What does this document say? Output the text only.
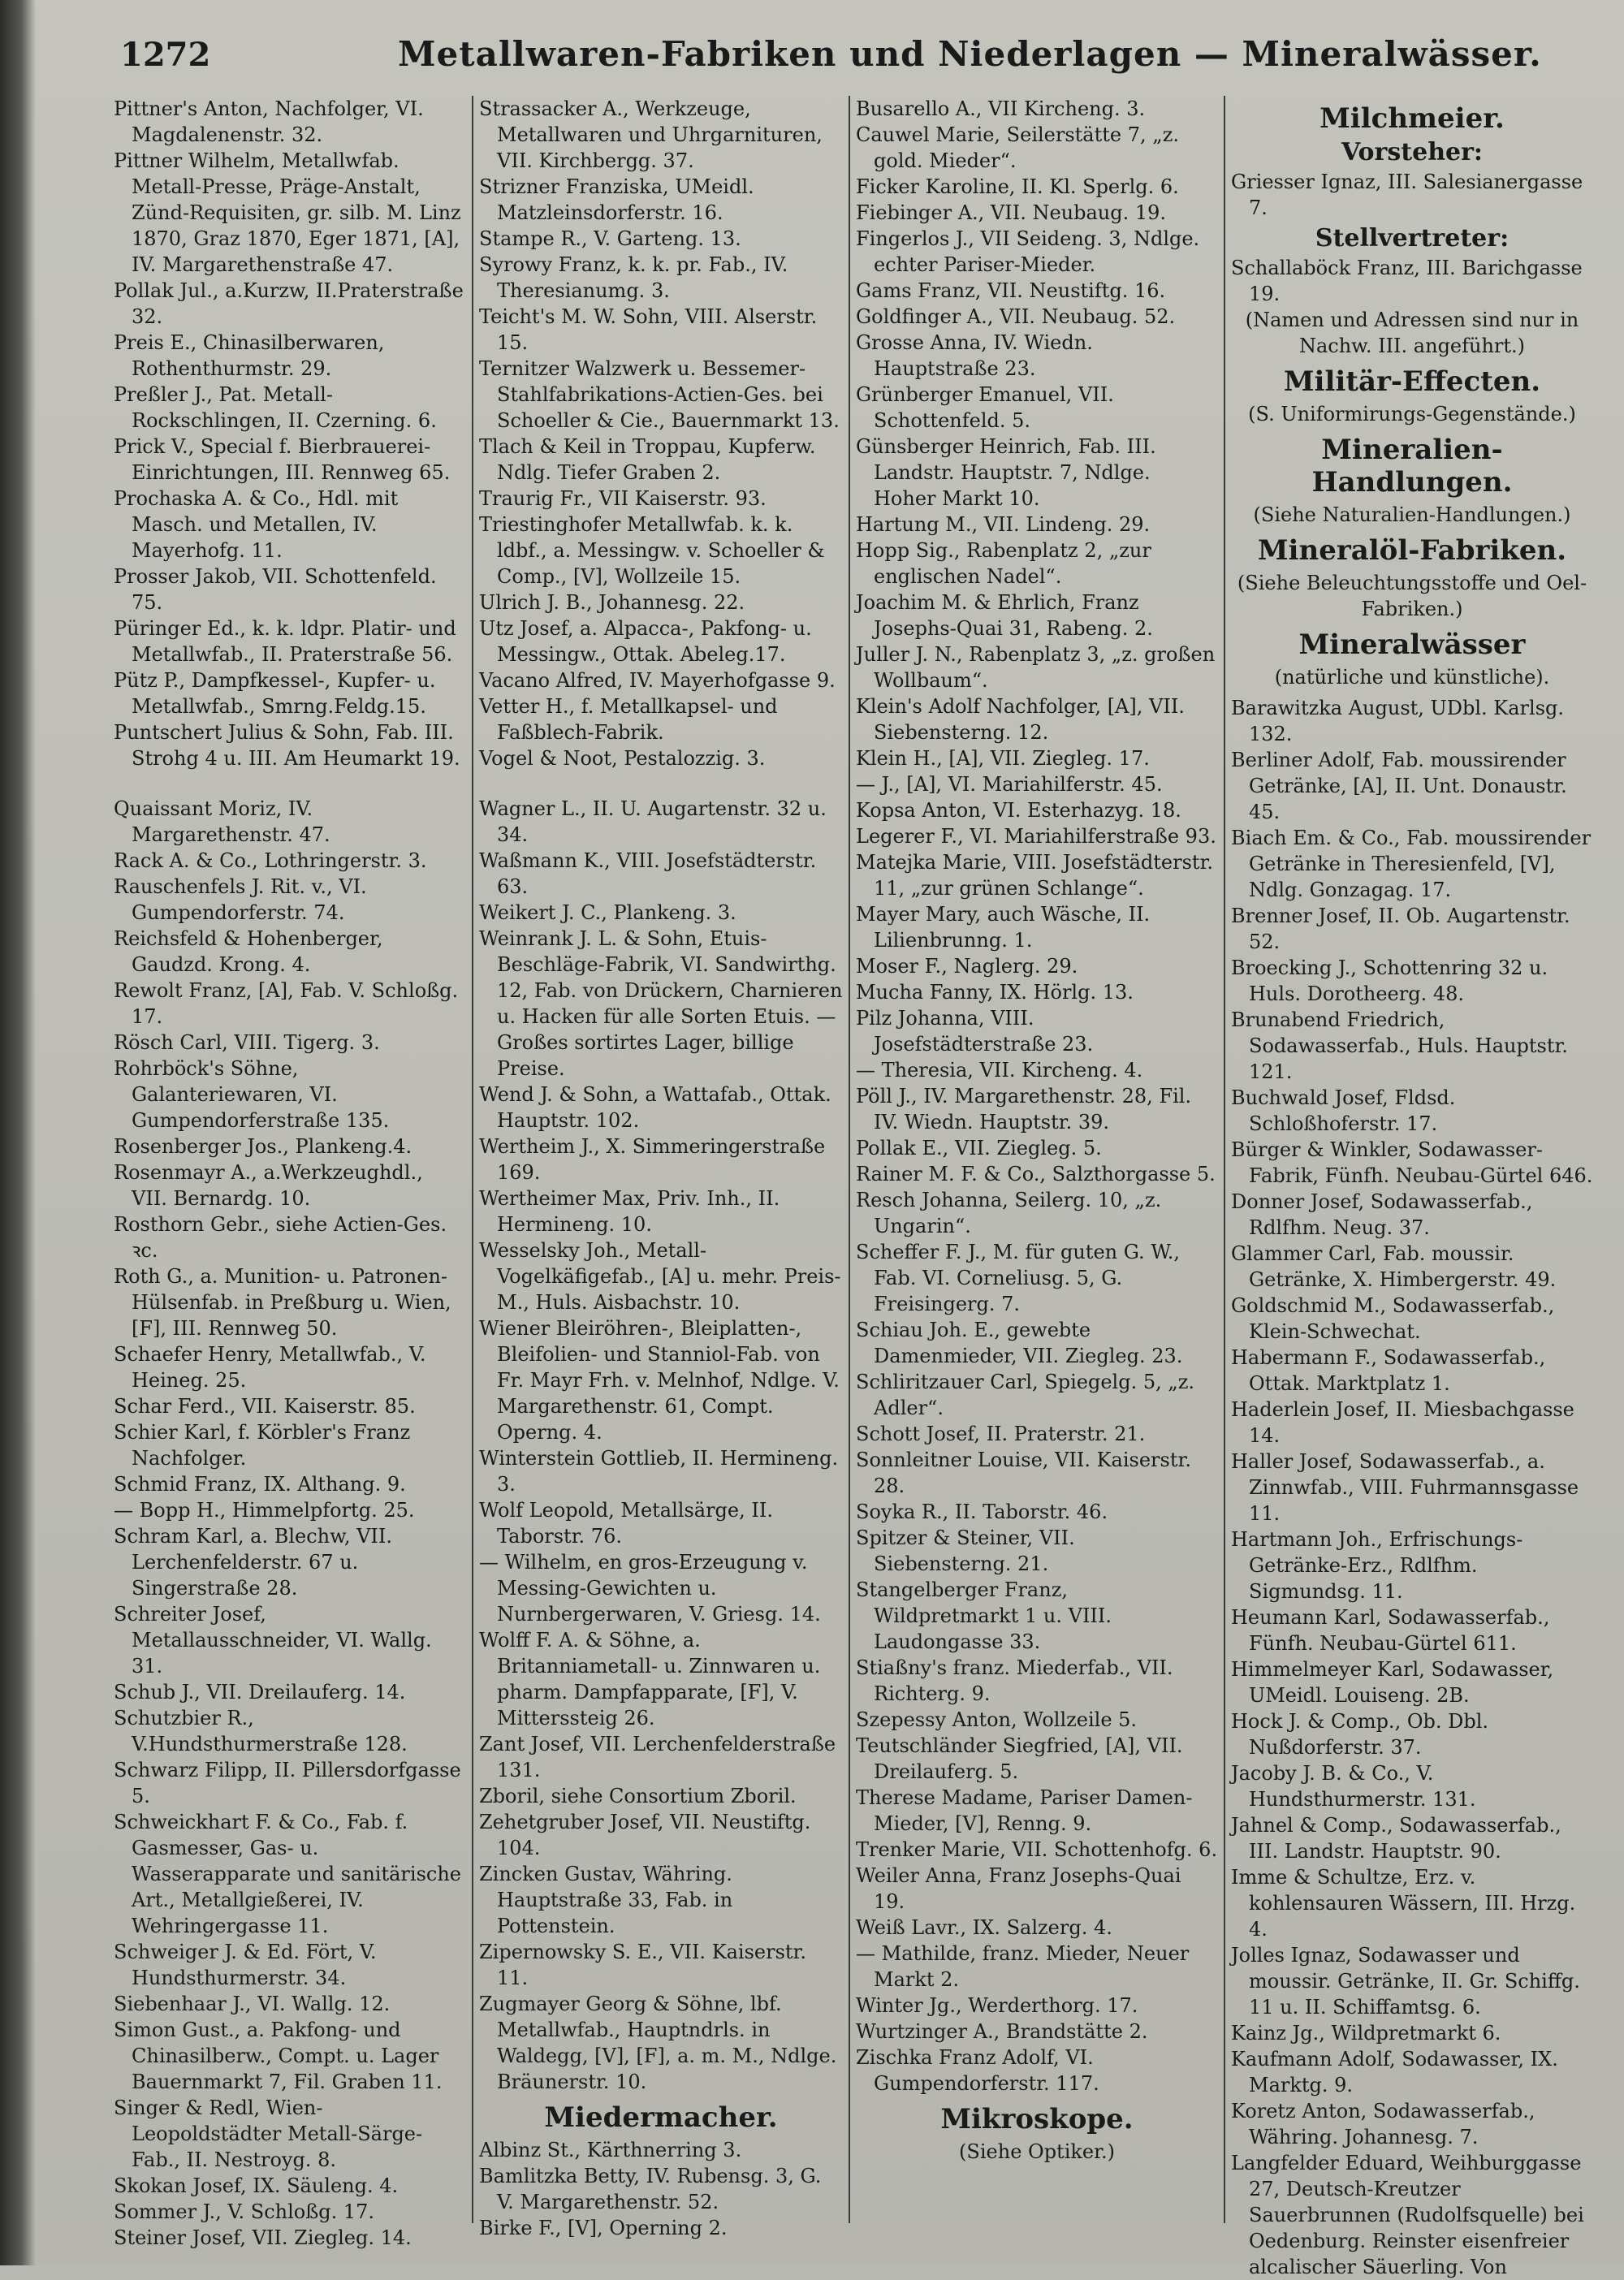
1272	Metallwaren-Fabriken und Niederlagen — Mineralwässer.

Pittner's Anton, Nachfolger, VI. Magdalenenstr. 32.

Pittner Wilhelm, Metallwfab. Metall-Presse, Präge-Anstalt, Zünd-Requisiten, gr. silb. M. Linz 1870, Graz 1870, Eger 1871, [A], IV. Margarethenstraße 47.

Pollak Jul., a.Kurzw, II.Praterstraße 32.

Preis E., Chinasilberwaren, Rothenthurmstr. 29.

Preßler J., Pat. Metall-Rockschlingen, II. Czerning. 6.

Prick V., Special f. Bierbrauerei-Einrichtungen, III. Rennweg 65.

Prochaska A. & Co., Hdl. mit Masch. und Metallen, IV. Mayerhofg. 11.

Prosser Jakob, VII. Schottenfeld. 75.

Püringer Ed., k. k. ldpr. Platir- und Metallwfab., II. Praterstraße 56.

Pütz P., Dampfkessel-, Kupfer- u. Metallwfab., Smrng.Feldg.15.

Puntschert Julius & Sohn, Fab. III. Strohg 4 u. III. Am Heumarkt 19.

Quaissant Moriz, IV. Margarethenstr. 47.

Rack A. & Co., Lothringerstr. 3.

Rauschenfels J. Rit. v., VI. Gumpendorferstr. 74.

Reichsfeld & Hohenberger, Gaudzd. Krong. 4.

Rewolt Franz, [A], Fab. V. Schloßg. 17.

Rösch Carl, VIII. Tigerg. 3.

Rohrböck's Söhne, Galanteriewaren, VI. Gumpendorferstraße 135.

Rosenberger Jos., Plankeng.4.

Rosenmayr A., a.Werkzeughdl., VII. Bernardg. 10.

Rosthorn Gebr., siehe Actien-Ges. ꝛc.

Roth G., a. Munition- u. Patronen-Hülsenfab. in Preßburg u. Wien, [F], III. Rennweg 50.

Schaefer Henry, Metallwfab., V. Heineg. 25.

Schar Ferd., VII. Kaiserstr. 85.

Schier Karl, f. Körbler's Franz Nachfolger.

Schmid Franz, IX. Althang. 9.

— Bopp H., Himmelpfortg. 25.

Schram Karl, a. Blechw, VII. Lerchenfelderstr. 67 u. Singerstraße 28.

Schreiter Josef, Metallausschneider, VI. Wallg. 31.

Schub J., VII. Dreilauferg. 14.

Schutzbier R., V.Hundsthurmerstraße 128.

Schwarz Filipp, II. Pillersdorfgasse 5.

Schweickhart F. & Co., Fab. f. Gasmesser, Gas- u. Wasserapparate und sanitärische Art., Metallgießerei, IV. Wehringergasse 11.

Schweiger J. & Ed. Fört, V. Hundsthurmerstr. 34.

Siebenhaar J., VI. Wallg. 12.

Simon Gust., a. Pakfong- und Chinasilberw., Compt. u. Lager Bauernmarkt 7, Fil. Graben 11.

Singer & Redl, Wien-Leopoldstädter Metall-Särge-Fab., II. Nestroyg. 8.

Skokan Josef, IX. Säuleng. 4.

Sommer J., V. Schloßg. 17.

Steiner Josef, VII. Ziegleg. 14.

Strassacker A., Werkzeuge, Metallwaren und Uhrgarnituren, VII. Kirchbergg. 37.

Strizner Franziska, UMeidl. Matzleinsdorferstr. 16.

Stampe R., V. Garteng. 13.

Syrowy Franz, k. k. pr. Fab., IV. Theresianumg. 3.

Teicht's M. W. Sohn, VIII. Alserstr. 15.

Ternitzer Walzwerk u. Bessemer-Stahlfabrikations-Actien-Ges. bei Schoeller & Cie., Bauernmarkt 13.

Tlach & Keil in Troppau, Kupferw. Ndlg. Tiefer Graben 2.

Traurig Fr., VII Kaiserstr. 93.

Triestinghofer Metallwfab. k. k. ldbf., a. Messingw. v. Schoeller & Comp., [V], Wollzeile 15.

Ulrich J. B., Johannesg. 22.

Utz Josef, a. Alpacca-, Pakfong- u. Messingw., Ottak. Abeleg.17.

Vacano Alfred, IV. Mayerhofgasse 9.

Vetter H., f. Metallkapsel- und Faßblech-Fabrik.

Vogel & Noot, Pestalozzig. 3.

Wagner L., II. U. Augartenstr. 32 u. 34.

Waßmann K., VIII. Josefstädterstr. 63.

Weikert J. C., Plankeng. 3.

Weinrank J. L. & Sohn, Etuis-Beschläge-Fabrik, VI. Sandwirthg. 12, Fab. von Drückern, Charnieren u. Hacken für alle Sorten Etuis. — Großes sortirtes Lager, billige Preise.

Wend J. & Sohn, a Wattafab., Ottak. Hauptstr. 102.

Wertheim J., X. Simmeringerstraße 169.

Wertheimer Max, Priv. Inh., II. Hermineng. 10.

Wesselsky Joh., Metall-Vogelkäfigefab., [A] u. mehr. Preis-M., Huls. Aisbachstr. 10.

Wiener Bleiröhren-, Bleiplatten-, Bleifolien- und Stanniol-Fab. von Fr. Mayr Frh. v. Melnhof, Ndlge. V. Margarethenstr. 61, Compt. Operng. 4.

Winterstein Gottlieb, II. Hermineng. 3.

Wolf Leopold, Metallsärge, II. Taborstr. 76.

— Wilhelm, en gros-Erzeugung v. Messing-Gewichten u. Nurnbergerwaren, V. Griesg. 14.

Wolff F. A. & Söhne, a. Britanniametall- u. Zinnwaren u. pharm. Dampfapparate, [F], V. Mitterssteig 26.

Zant Josef, VII. Lerchenfelderstraße 131.

Zboril, siehe Consortium Zboril.

Zehetgruber Josef, VII. Neustiftg. 104.

Zincken Gustav, Währing. Hauptstraße 33, Fab. in Pottenstein.

Zipernowsky S. E., VII. Kaiserstr. 11.

Zugmayer Georg & Söhne, lbf. Metallwfab., Hauptndrls. in Waldegg, [V], [F], a. m. M., Ndlge. Bräunerstr. 10.

Miedermacher.

Albinz St., Kärthnerring 3.

Bamlitzka Betty, IV. Rubensg. 3, G. V. Margarethenstr. 52.

Birke F., [V], Operning 2.

Busarello A., VII Kircheng. 3.

Cauwel Marie, Seilerstätte 7, „z. gold. Mieder“.

Ficker Karoline, II. Kl. Sperlg. 6.

Fiebinger A., VII. Neubaug. 19.

Fingerlos J., VII Seideng. 3, Ndlge. echter Pariser-Mieder.

Gams Franz, VII. Neustiftg. 16.

Goldfinger A., VII. Neubaug. 52.

Grosse Anna, IV. Wiedn. Hauptstraße 23.

Grünberger Emanuel, VII. Schottenfeld. 5.

Günsberger Heinrich, Fab. III. Landstr. Hauptstr. 7, Ndlge. Hoher Markt 10.

Hartung M., VII. Lindeng. 29.

Hopp Sig., Rabenplatz 2, „zur englischen Nadel“.

Joachim M. & Ehrlich, Franz Josephs-Quai 31, Rabeng. 2.

Juller J. N., Rabenplatz 3, „z. großen Wollbaum“.

Klein's Adolf Nachfolger, [A], VII. Siebensterng. 12.

Klein H., [A], VII. Ziegleg. 17.

— J., [A], VI. Mariahilferstr. 45.

Kopsa Anton, VI. Esterhazyg. 18.

Legerer F., VI. Mariahilferstraße 93.

Matejka Marie, VIII. Josefstädterstr. 11, „zur grünen Schlange“.

Mayer Mary, auch Wäsche, II. Lilienbrunng. 1.

Moser F., Naglerg. 29.

Mucha Fanny, IX. Hörlg. 13.

Pilz Johanna, VIII. Josefstädterstraße 23.

— Theresia, VII. Kircheng. 4.

Pöll J., IV. Margarethenstr. 28, Fil. IV. Wiedn. Hauptstr. 39.

Pollak E., VII. Ziegleg. 5.

Rainer M. F. & Co., Salzthorgasse 5.

Resch Johanna, Seilerg. 10, „z. Ungarin“.

Scheffer F. J., M. für guten G. W., Fab. VI. Corneliusg. 5, G. Freisingerg. 7.

Schiau Joh. E., gewebte Damenmieder, VII. Ziegleg. 23.

Schliritzauer Carl, Spiegelg. 5, „z. Adler“.

Schott Josef, II. Praterstr. 21.

Sonnleitner Louise, VII. Kaiserstr. 28.

Soyka R., II. Taborstr. 46.

Spitzer & Steiner, VII. Siebensterng. 21.

Stangelberger Franz, Wildpretmarkt 1 u. VIII. Laudongasse 33.

Stiaßny's franz. Miederfab., VII. Richterg. 9.

Szepessy Anton, Wollzeile 5.

Teutschländer Siegfried, [A], VII. Dreilauferg. 5.

Therese Madame, Pariser Damen-Mieder, [V], Renng. 9.

Trenker Marie, VII. Schottenhofg. 6.

Weiler Anna, Franz Josephs-Quai 19.

Weiß Lavr., IX. Salzerg. 4.

— Mathilde, franz. Mieder, Neuer Markt 2.

Winter Jg., Werderthorg. 17.

Wurtzinger A., Brandstätte 2.

Zischka Franz Adolf, VI. Gumpendorferstr. 117.

Mikroskope.
(Siehe Optiker.)
Milchmeier.
Vorsteher:

Griesser Ignaz, III. Salesianergasse 7.

Stellvertreter:

Schallaböck Franz, III. Barichgasse 19.

(Namen und Adressen sind nur in Nachw. III. angeführt.)
Militär-Effecten.
(S. Uniformirungs-Gegenstände.)
Mineralien-Handlungen.
(Siehe Naturalien-Handlungen.)
Mineralöl-Fabriken.
(Siehe Beleuchtungsstoffe und Oel-Fabriken.)
Mineralwässer
(natürliche und künstliche).

Barawitzka August, UDbl. Karlsg. 132.

Berliner Adolf, Fab. moussirender Getränke, [A], II. Unt. Donaustr. 45.

Biach Em. & Co., Fab. moussirender Getränke in Theresienfeld, [V], Ndlg. Gonzagag. 17.

Brenner Josef, II. Ob. Augartenstr. 52.

Broecking J., Schottenring 32 u. Huls. Dorotheerg. 48.

Brunabend Friedrich, Sodawasserfab., Huls. Hauptstr. 121.

Buchwald Josef, Fldsd. Schloßhoferstr. 17.

Bürger & Winkler, Sodawasser-Fabrik, Fünfh. Neubau-Gürtel 646.

Donner Josef, Sodawasserfab., Rdlfhm. Neug. 37.

Glammer Carl, Fab. moussir. Getränke, X. Himbergerstr. 49.

Goldschmid M., Sodawasserfab., Klein-Schwechat.

Habermann F., Sodawasserfab., Ottak. Marktplatz 1.

Haderlein Josef, II. Miesbachgasse 14.

Haller Josef, Sodawasserfab., a. Zinnwfab., VIII. Fuhrmannsgasse 11.

Hartmann Joh., Erfrischungs-Getränke-Erz., Rdlfhm. Sigmundsg. 11.

Heumann Karl, Sodawasserfab., Fünfh. Neubau-Gürtel 611.

Himmelmeyer Karl, Sodawasser, UMeidl. Louiseng. 2B.

Hock J. & Comp., Ob. Dbl. Nußdorferstr. 37.

Jacoby J. B. & Co., V. Hundsthurmerstr. 131.

Jahnel & Comp., Sodawasserfab., III. Landstr. Hauptstr. 90.

Imme & Schultze, Erz. v. kohlensauren Wässern, III. Hrzg. 4.

Jolles Ignaz, Sodawasser und moussir. Getränke, II. Gr. Schiffg. 11 u. II. Schiffamtsg. 6.

Kainz Jg., Wildpretmarkt 6.

Kaufmann Adolf, Sodawasser, IX. Marktg. 9.

Koretz Anton, Sodawasserfab., Währing. Johannesg. 7.

Langfelder Eduard, Weihburggasse 27, Deutsch-Kreutzer Sauerbrunnen (Rudolfsquelle) bei Oedenburg. Reinster eisenfreier alcalischer Säuerling. Von
